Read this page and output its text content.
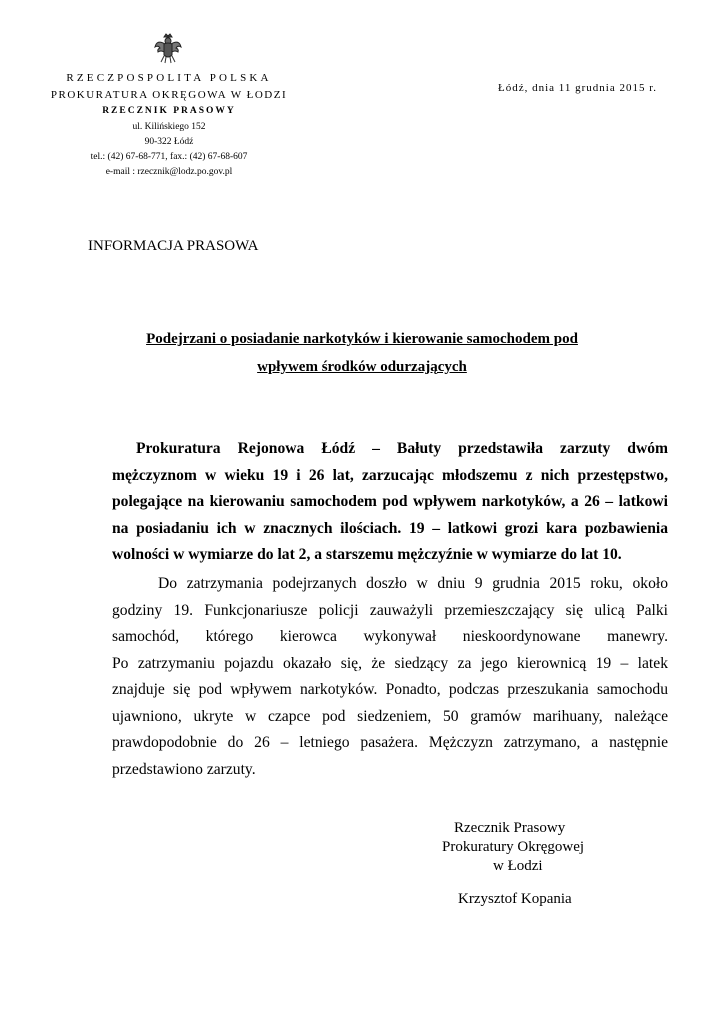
RZECZPOSPOLITA POLSKA
PROKURATURA OKRĘGOWA W ŁODZI
RZECZNIK PRASOWY
ul. Kilińskiego 152
90-322 Łódź
tel.: (42) 67-68-771, fax.: (42) 67-68-607
e-mail : rzecznik@lodz.po.gov.pl
Łódź, dnia 11 grudnia 2015 r.
INFORMACJA PRASOWA
Podejrzani o posiadanie narkotyków i kierowanie samochodem pod
wpływem środków odurzających
Prokuratura Rejonowa Łódź – Bałuty przedstawiła zarzuty dwóm
mężczyznom w wieku 19 i 26 lat, zarzucając młodszemu z nich przestępstwo,
polegające na kierowaniu samochodem pod wpływem narkotyków, a 26 – latkowi
na posiadaniu ich w znacznych ilościach. 19 – latkowi grozi kara pozbawienia
wolności w wymiarze do lat 2, a starszemu mężczyźnie w wymiarze do lat 10.
Do zatrzymania podejrzanych doszło w dniu 9 grudnia 2015 roku, około
godziny 19. Funkcjonariusze policji zauważyli przemieszczający się ulicą Palki
samochód, którego kierowca wykonywał nieskoordynowane manewry.
Po zatrzymaniu pojazdu okazało się, że siedzący za jego kierownicą 19 – latek
znajduje się pod wpływem narkotyków. Ponadto, podczas przeszukania samochodu
ujawniono, ukryte w czapce pod siedzeniem, 50 gramów marihuany, należące
prawdopodobnie do 26 – letniego pasażera. Mężczyzn zatrzymano, a następnie
przedstawiono zarzuty.
Rzecznik Prasowy
Prokuratury Okręgowej
w Łodzi
Krzysztof Kopania
